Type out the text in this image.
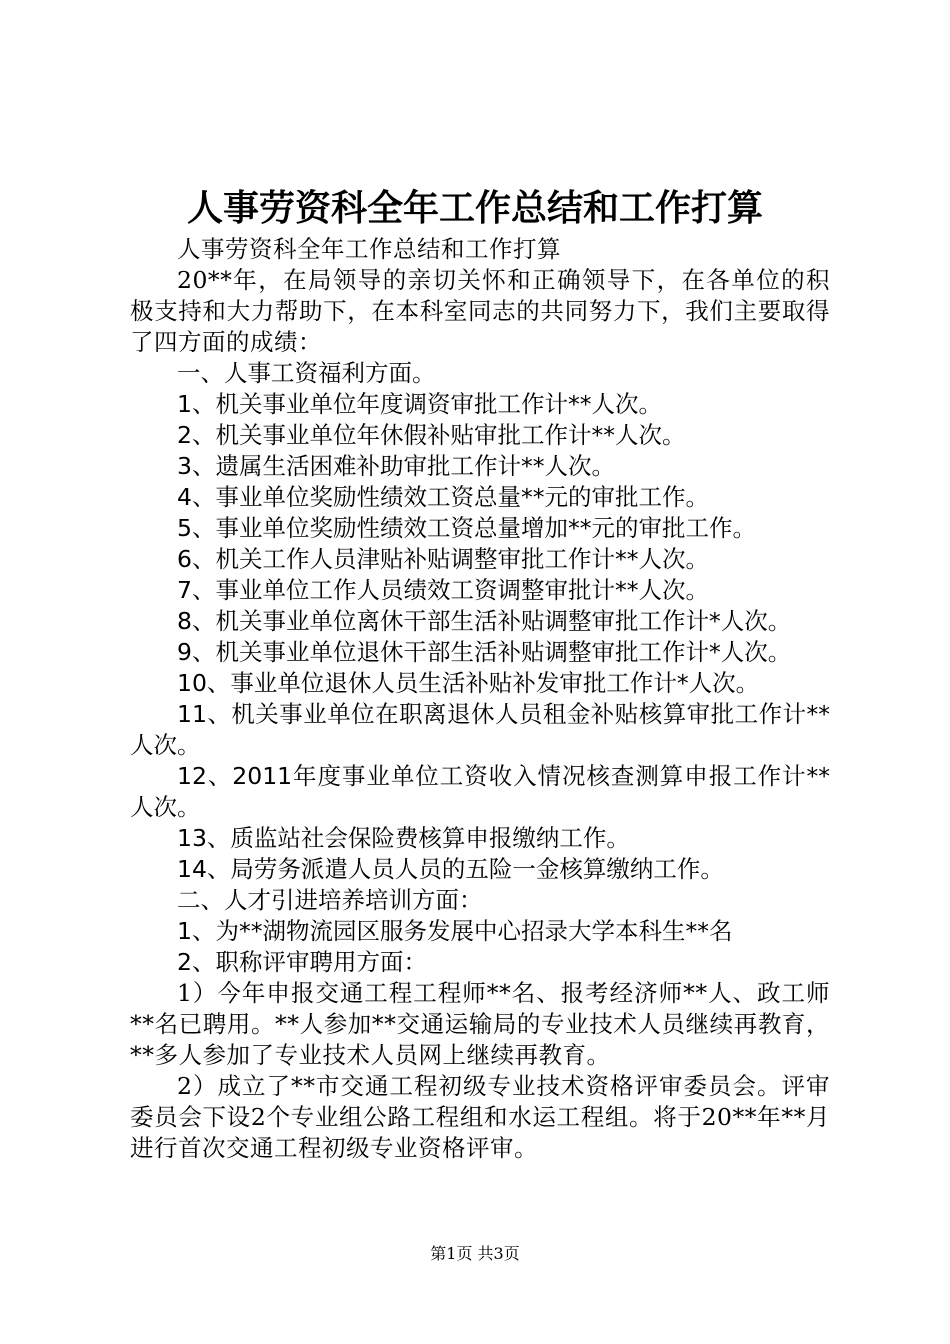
人事劳资科全年工作总结和工作打算

人事劳资科全年工作总结和工作打算

20**年，在局领导的亲切关怀和正确领导下，在各单位的积极支持和大力帮助下，在本科室同志的共同努力下，我们主要取得了四方面的成绩：

一、人事工资福利方面。

1、机关事业单位年度调资审批工作计**人次。

2、机关事业单位年休假补贴审批工作计**人次。

3、遗属生活困难补助审批工作计**人次。

4、事业单位奖励性绩效工资总量**元的审批工作。

5、事业单位奖励性绩效工资总量增加**元的审批工作。

6、机关工作人员津贴补贴调整审批工作计**人次。

7、事业单位工作人员绩效工资调整审批计**人次。

8、机关事业单位离休干部生活补贴调整审批工作计*人次。

9、机关事业单位退休干部生活补贴调整审批工作计*人次。

10、事业单位退休人员生活补贴补发审批工作计*人次。

11、机关事业单位在职离退休人员租金补贴核算审批工作计**人次。

12、2011年度事业单位工资收入情况核查测算申报工作计**人次。

13、质监站社会保险费核算申报缴纳工作。

14、局劳务派遣人员人员的五险一金核算缴纳工作。

二、人才引进培养培训方面：

1、为**湖物流园区服务发展中心招录大学本科生**名

2、职称评审聘用方面：

1）今年申报交通工程工程师**名、报考经济师**人、政工师**名已聘用。**人参加**交通运输局的专业技术人员继续再教育，**多人参加了专业技术人员网上继续再教育。

2）成立了**市交通工程初级专业技术资格评审委员会。评审委员会下设2个专业组公路工程组和水运工程组。将于20**年**月进行首次交通工程初级专业资格评审。

第1页 共3页
